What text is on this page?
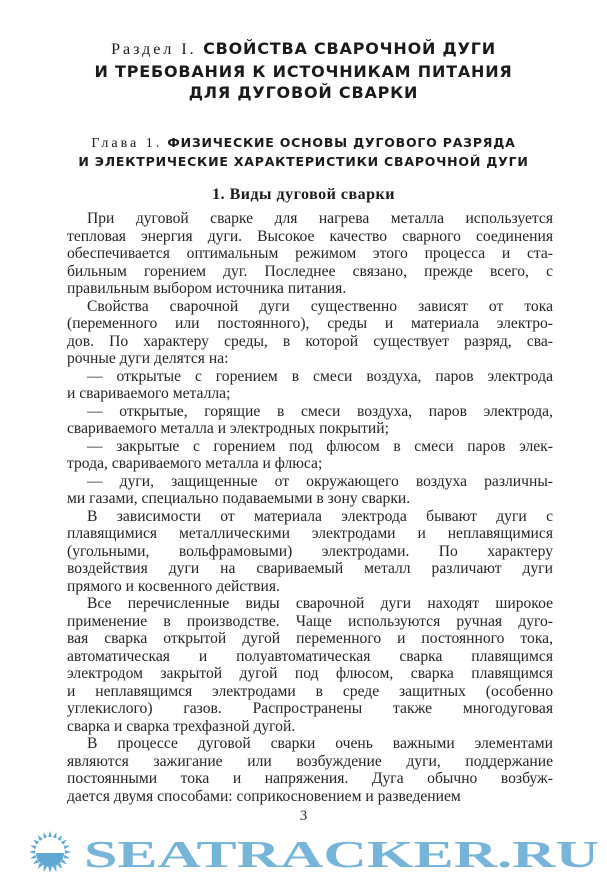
Раздел I. СВОЙСТВА СВАРОЧНОЙ ДУГИ
И ТРЕБОВАНИЯ К ИСТОЧНИКАМ ПИТАНИЯ
ДЛЯ ДУГОВОЙ СВАРКИ
Глава 1. ФИЗИЧЕСКИЕ ОСНОВЫ ДУГОВОГО РАЗРЯДА
И ЭЛЕКТРИЧЕСКИЕ ХАРАКТЕРИСТИКИ СВАРОЧНОЙ ДУГИ
1. Виды дуговой сварки
При дуговой сварке для нагрева металла используется
тепловая энергия дуги. Высокое качество сварного соединения
обеспечивается оптимальным режимом этого процесса и ста-
бильным горением дуг. Последнее связано, прежде всего, с
правильным выбором источника питания.
Свойства сварочной дуги существенно зависят от тока
(переменного или постоянного), среды и материала электро-
дов. По характеру среды, в которой существует разряд, сва-
рочные дуги делятся на:
— открытые с горением в смеси воздуха, паров электрода
и свариваемого металла;
— открытые, горящие в смеси воздуха, паров электрода,
свариваемого металла и электродных покрытий;
— закрытые с горением под флюсом в смеси паров элек-
трода, свариваемого металла и флюса;
— дуги, защищенные от окружающего воздуха различны-
ми газами, специально подаваемыми в зону сварки.
В зависимости от материала электрода бывают дуги с
плавящимися металлическими электродами и неплавящимися
(угольными, вольфрамовыми) электродами. По характеру
воздействия дуги на свариваемый металл различают дуги
прямого и косвенного действия.
Все перечисленные виды сварочной дуги находят широкое
применение в производстве. Чаще используются ручная дуго-
вая сварка открытой дугой переменного и постоянного тока,
автоматическая и полуавтоматическая сварка плавящимся
электродом закрытой дугой под флюсом, сварка плавящимся
и неплавящимся электродами в среде защитных (особенно
углекислого) газов. Распространены также многодуговая
сварка и сварка трехфазной дугой.
В процессе дуговой сварки очень важными элементами
являются зажигание или возбуждение дуги, поддержание
постоянными тока и напряжения. Дуга обычно возбуж-
дается двумя способами: соприкосновением и разведением
3
SEATRACKER.RU
